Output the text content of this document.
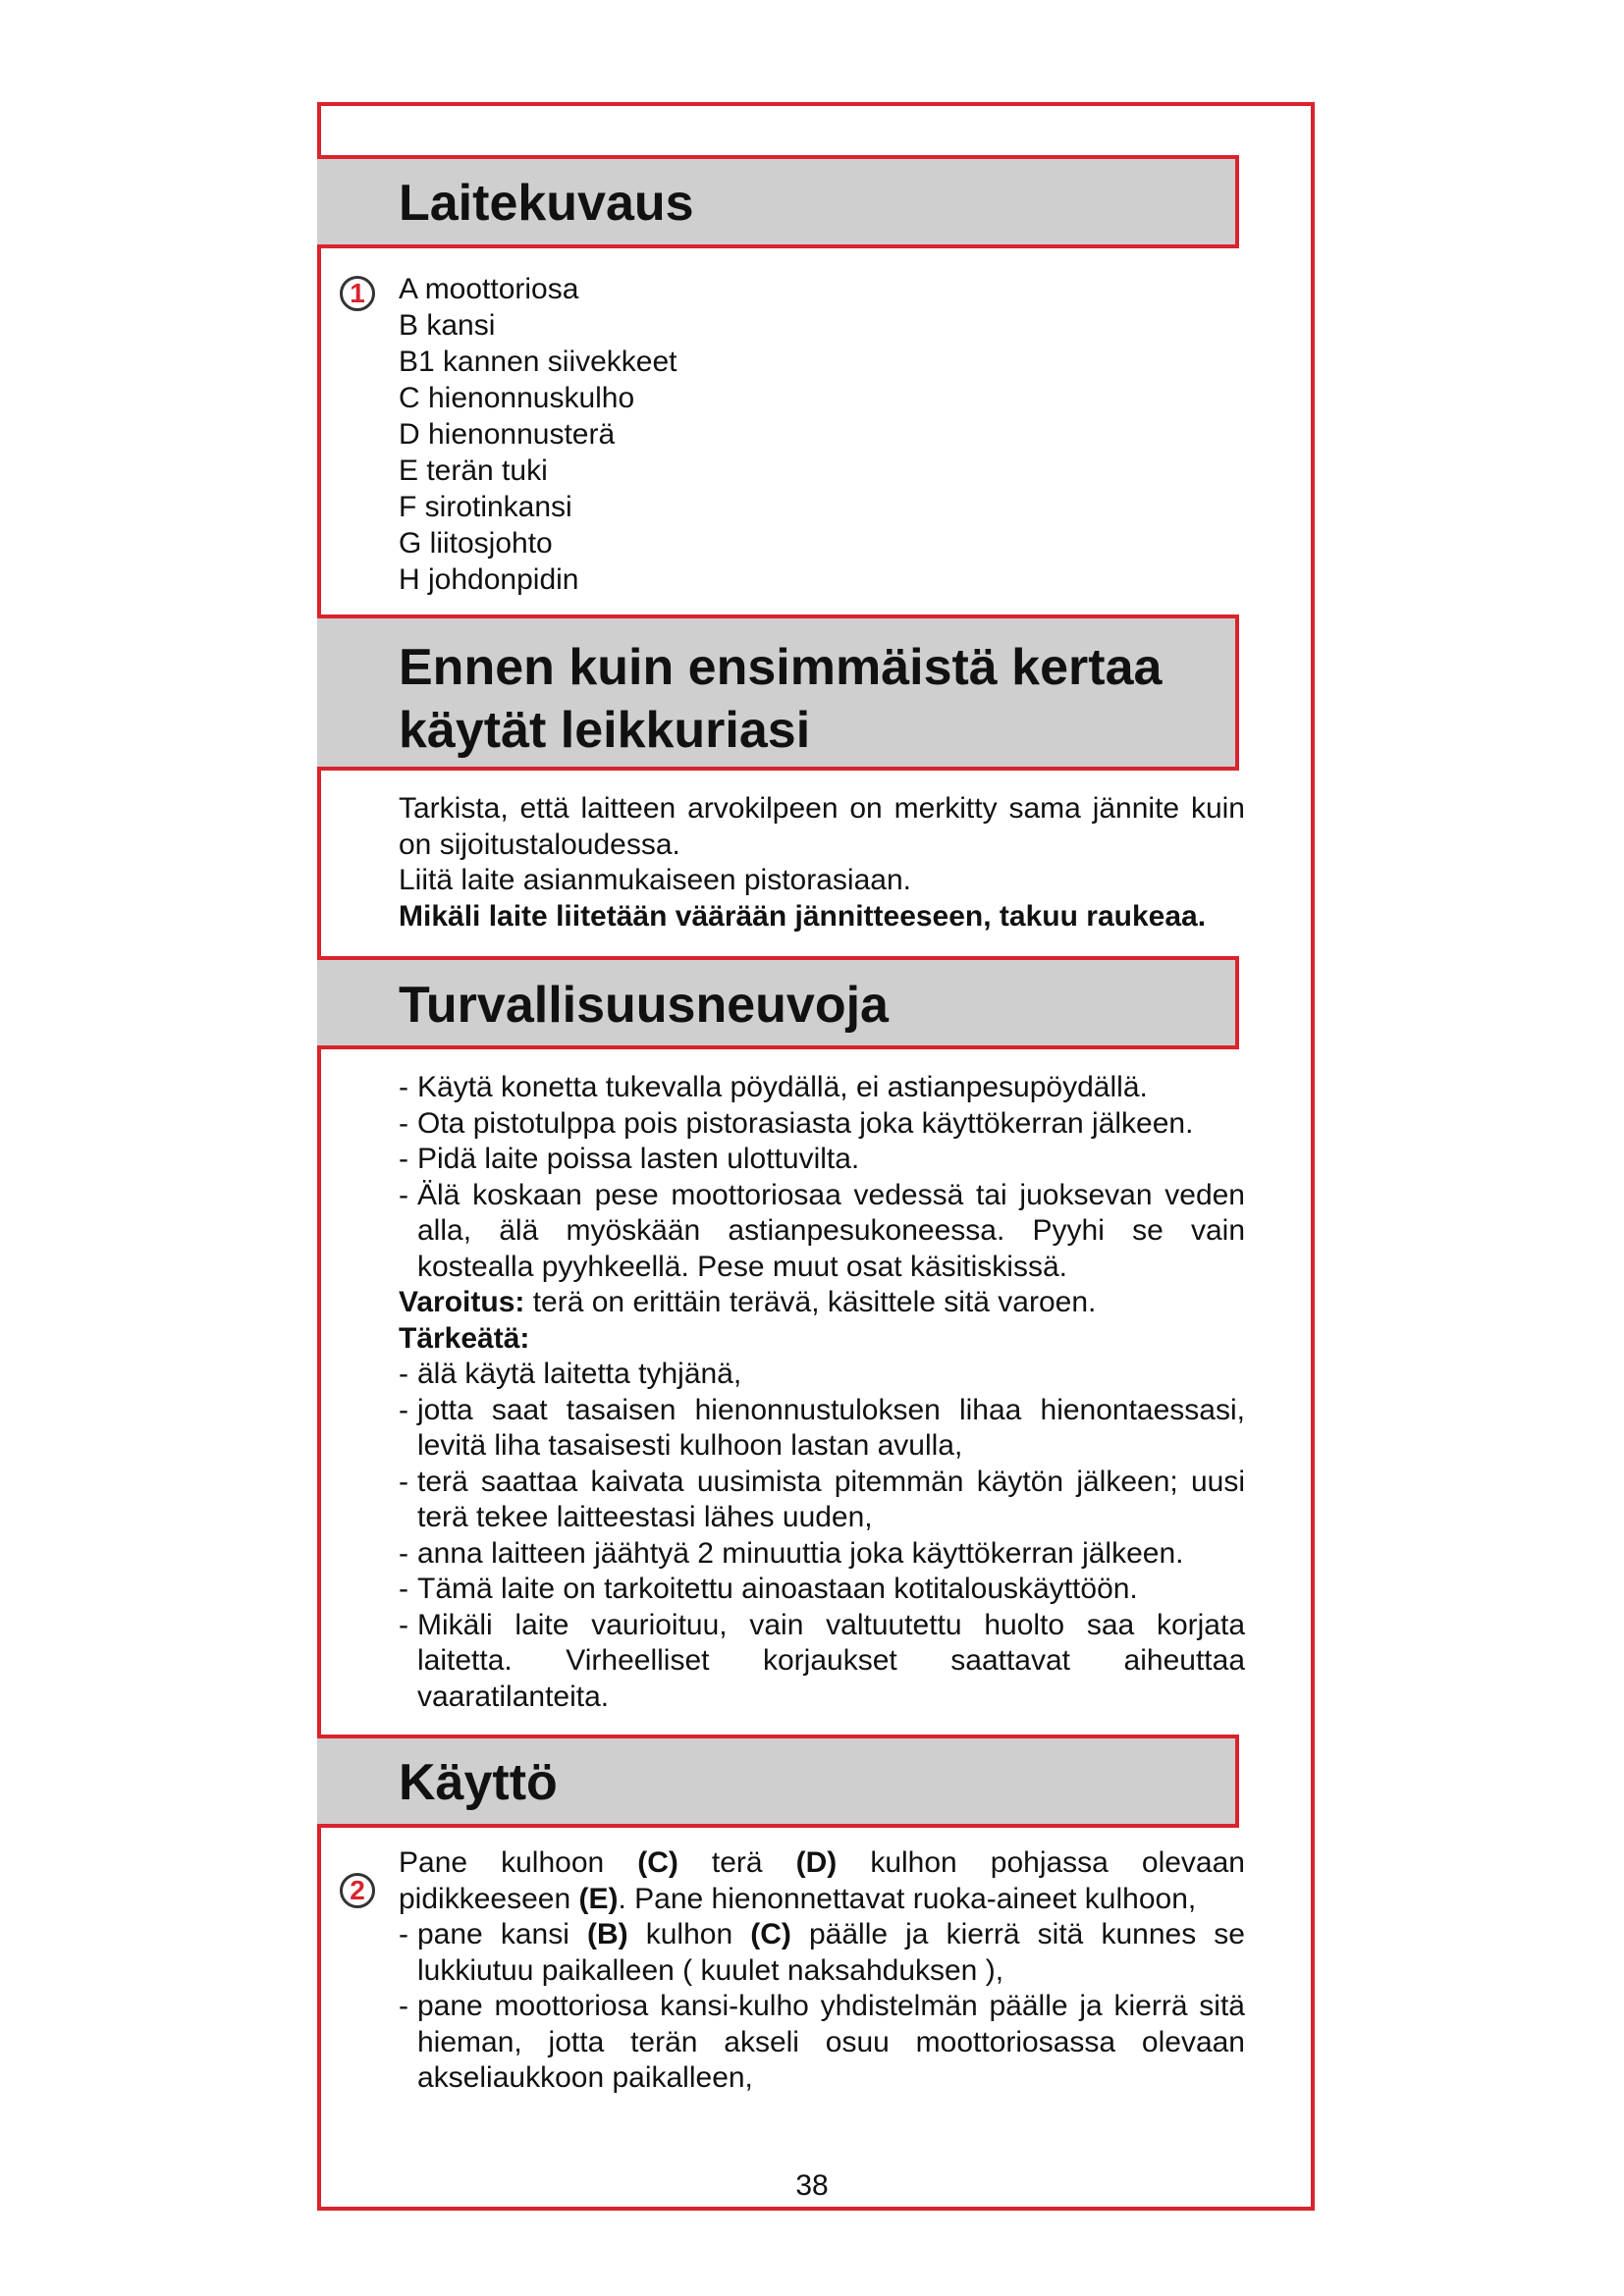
Laitekuvaus
1	A moottoriosa
B kansi
B1 kannen siivekkeet
C hienonnuskulho
D hienonnusterä
E terän tuki
F sirotinkansi
G liitosjohto
H johdonpidin
Ennen kuin ensimmäistä kertaa käytät leikkuriasi

Tarkista, että laitteen arvokilpeen on merkitty sama jännite kuin on sijoitustaloudessa.

Liitä laite asianmukaiseen pistorasiaan.

Mikäli laite liitetään väärään jännitteeseen, takuu raukeaa.

Turvallisuusneuvoja
- Käytä konetta tukevalla pöydällä, ei astianpesupöydällä.
- Ota pistotulppa pois pistorasiasta joka käyttökerran jälkeen.
- Pidä laite poissa lasten ulottuvilta.
- Älä koskaan pese moottoriosaa vedessä tai juoksevan veden alla, älä myöskään astianpesukoneessa. Pyyhi se vain kostealla pyyhkeellä. Pese muut osat käsitiskissä.
Varoitus: terä on erittäin terävä, käsittele sitä varoen.
Tärkeätä:
- älä käytä laitetta tyhjänä,
- jotta saat tasaisen hienonnustuloksen lihaa hienontaessasi, levitä liha tasaisesti kulhoon lastan avulla,
- terä saattaa kaivata uusimista pitemmän käytön jälkeen; uusi terä tekee laitteestasi lähes uuden,
- anna laitteen jäähtyä 2 minuuttia joka käyttökerran jälkeen.
- Tämä laite on tarkoitettu ainoastaan kotitalouskäyttöön.
- Mikäli laite vaurioituu, vain valtuutettu huolto saa korjata laitetta. Virheelliset korjaukset saattavat aiheuttaa vaaratilanteita.
Käyttö
2
Pane kulhoon (C) terä (D) kulhon pohjassa olevaan pidikkeeseen (E). Pane hienonnettavat ruoka-aineet kulhoon,
- pane kansi (B) kulhon (C) päälle ja kierrä sitä kunnes se lukkiutuu paikalleen ( kuulet naksahduksen ),
- pane moottoriosa kansi-kulho yhdistelmän päälle ja kierrä sitä hieman, jotta terän akseli osuu moottoriosassa olevaan akseliaukkoon paikalleen,
38
